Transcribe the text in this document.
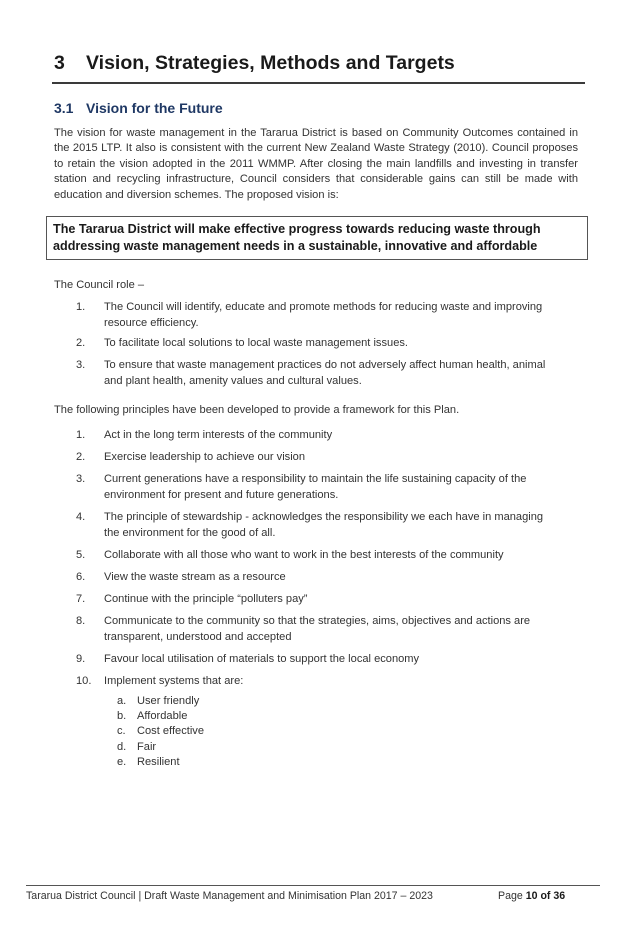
3 Vision, Strategies, Methods and Targets
3.1 Vision for the Future
The vision for waste management in the Tararua District is based on Community Outcomes contained in the 2015 LTP. It also is consistent with the current New Zealand Waste Strategy (2010). Council proposes to retain the vision adopted in the 2011 WMMP. After closing the main landfills and investing in transfer station and recycling infrastructure, Council considers that considerable gains can still be made with education and diversion schemes. The proposed vision is:
The Tararua District will make effective progress towards reducing waste through addressing waste management needs in a sustainable, innovative and affordable
The Council role –
1.	The Council will identify, educate and promote methods for reducing waste and improving resource efficiency.
2.	To facilitate local solutions to local waste management issues.
3.	To ensure that waste management practices do not adversely affect human health, animal and plant health, amenity values and cultural values.
The following principles have been developed to provide a framework for this Plan.
1.	Act in the long term interests of the community
2.	Exercise leadership to achieve our vision
3.	Current generations have a responsibility to maintain the life sustaining capacity of the environment for present and future generations.
4.	The principle of stewardship - acknowledges the responsibility we each have in managing the environment for the good of all.
5.	Collaborate with all those who want to work in the best interests of the community
6.	View the waste stream as a resource
7.	Continue with the principle “polluters pay”
8.	Communicate to the community so that the strategies, aims, objectives and actions are transparent, understood and accepted
9.	Favour local utilisation of materials to support the local economy
10.	Implement systems that are:
a. User friendly
b. Affordable
c. Cost effective
d. Fair
e. Resilient
Tararua District Council | Draft Waste Management and Minimisation Plan 2017 – 2023	Page 10 of 36
